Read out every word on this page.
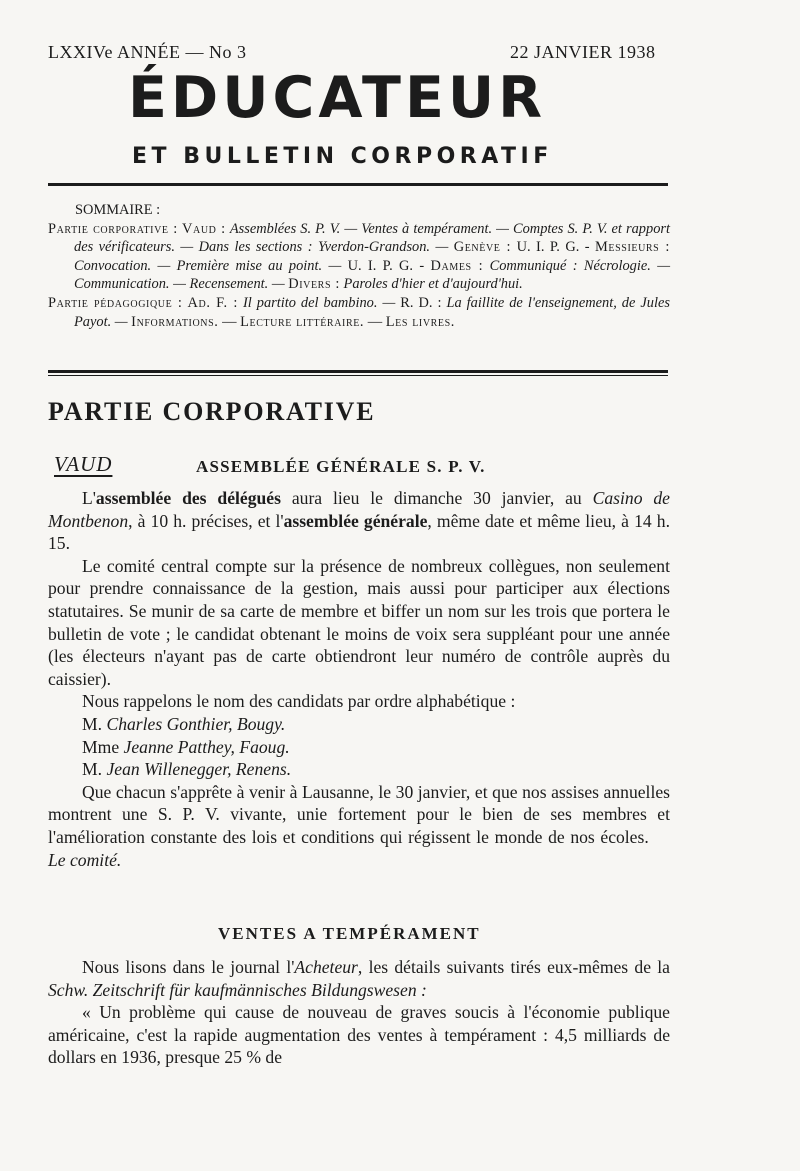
LXXIVe ANNÉE — No 3	22 JANVIER 1938
ÉDUCATEUR
ET BULLETIN CORPORATIF

SOMMAIRE :

Partie corporative : Vaud : Assemblées S. P. V. — Ventes à tempérament. — Comptes S. P. V. et rapport des vérificateurs. — Dans les sections : Yverdon-Grandson. — Genève : U. I. P. G. - Messieurs : Convocation. — Première mise au point. — U. I. P. G. - Dames : Communiqué : Nécrologie. — Communication. — Recensement. — Divers : Paroles d'hier et d'aujourd'hui.

Partie pédagogique : Ad. F. : Il partito del bambino. — R. D. : La faillite de l'enseignement, de Jules Payot. — Informations. — Lecture littéraire. — Les livres.

PARTIE CORPORATIVE
VAUD	ASSEMBLÉE GÉNÉRALE S. P. V.

L'assemblée des délégués aura lieu le dimanche 30 janvier, au Casino de Montbenon, à 10 h. précises, et l'assemblée générale, même date et même lieu, à 14 h. 15.

Le comité central compte sur la présence de nombreux collègues, non seulement pour prendre connaissance de la gestion, mais aussi pour participer aux élections statutaires. Se munir de sa carte de membre et biffer un nom sur les trois que portera le bulletin de vote ; le candidat obtenant le moins de voix sera suppléant pour une année (les électeurs n'ayant pas de carte obtiendront leur numéro de contrôle auprès du caissier).

Nous rappelons le nom des candidats par ordre alphabétique :

M. Charles Gonthier, Bougy.

Mme Jeanne Patthey, Faoug.

M. Jean Willenegger, Renens.

Que chacun s'apprête à venir à Lausanne, le 30 janvier, et que nos assises annuelles montrent une S. P. V. vivante, unie fortement pour le bien de ses membres et l'amélioration constante des lois et conditions qui régissent le monde de nos écoles.     Le comité.

VENTES A TEMPÉRAMENT

Nous lisons dans le journal l'Acheteur, les détails suivants tirés eux-mêmes de la Schw. Zeitschrift für kaufmännisches Bildungswesen :

« Un problème qui cause de nouveau de graves soucis à l'économie publique américaine, c'est la rapide augmentation des ventes à tempérament : 4,5 milliards de dollars en 1936, presque 25 % de
